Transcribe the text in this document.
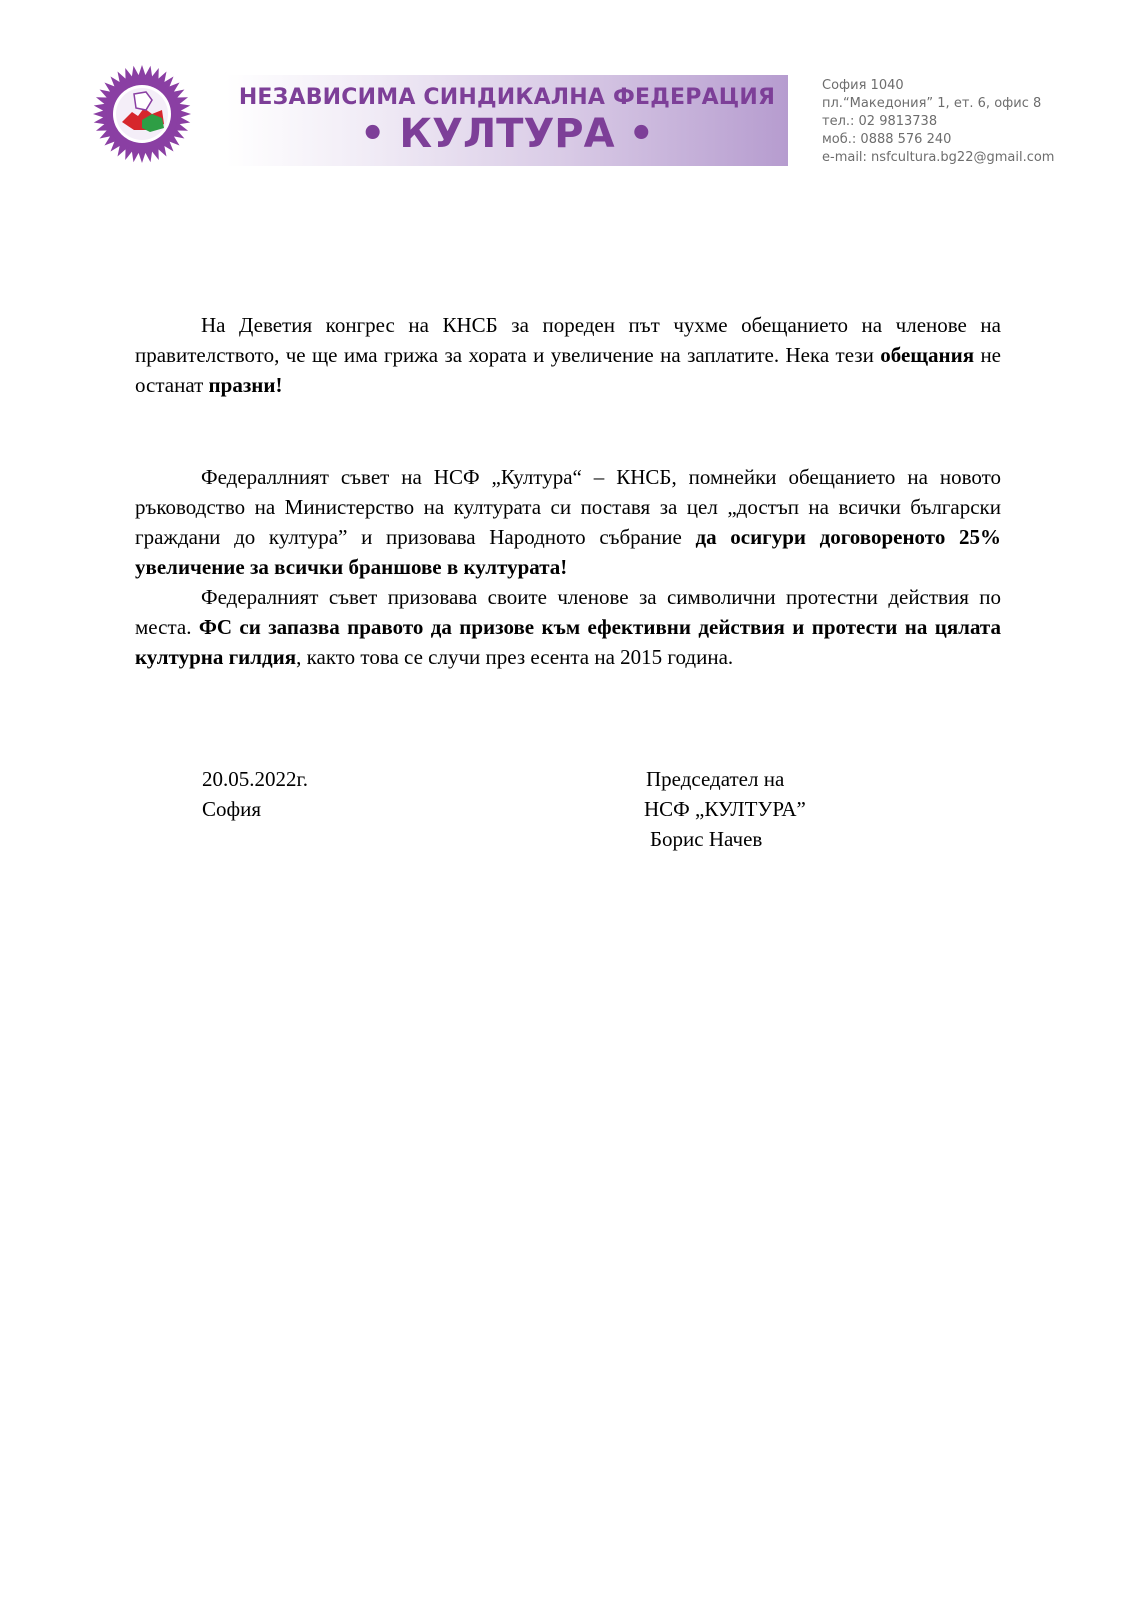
НЕЗАВИСИМА СИНДИКАЛНА ФЕДЕРАЦИЯ
• КУЛТУРА •
София 1040
пл.“Македония” 1, ет. 6, офис 8
тел.: 02 9813738
моб.: 0888 576 240
e-mail: nsfcultura.bg22@gmail.com

На Деветия конгрес на КНСБ за пореден път чухме обещанието на членове на правителството, че ще има грижа за хората и увеличение на заплатите. Нека тези обещания не останат празни!

Федераллният съвет на НСФ „Култура“ – КНСБ, помнейки обещанието на новото ръководство на Министерство на културата си поставя за цел „достъп на всички български граждани до култура” и призовава Народното събрание да осигури договореното 25% увеличение за всички браншове в културата!

Федералният съвет призовава своите членове за символични протестни действия по места. ФС си запазва правото да призове към ефективни действия и протести на цялата културна гилдия, както това се случи през есента на 2015 година.

20.05.2022г.
София
Председател на
НСФ „КУЛТУРА”
Борис Начев
